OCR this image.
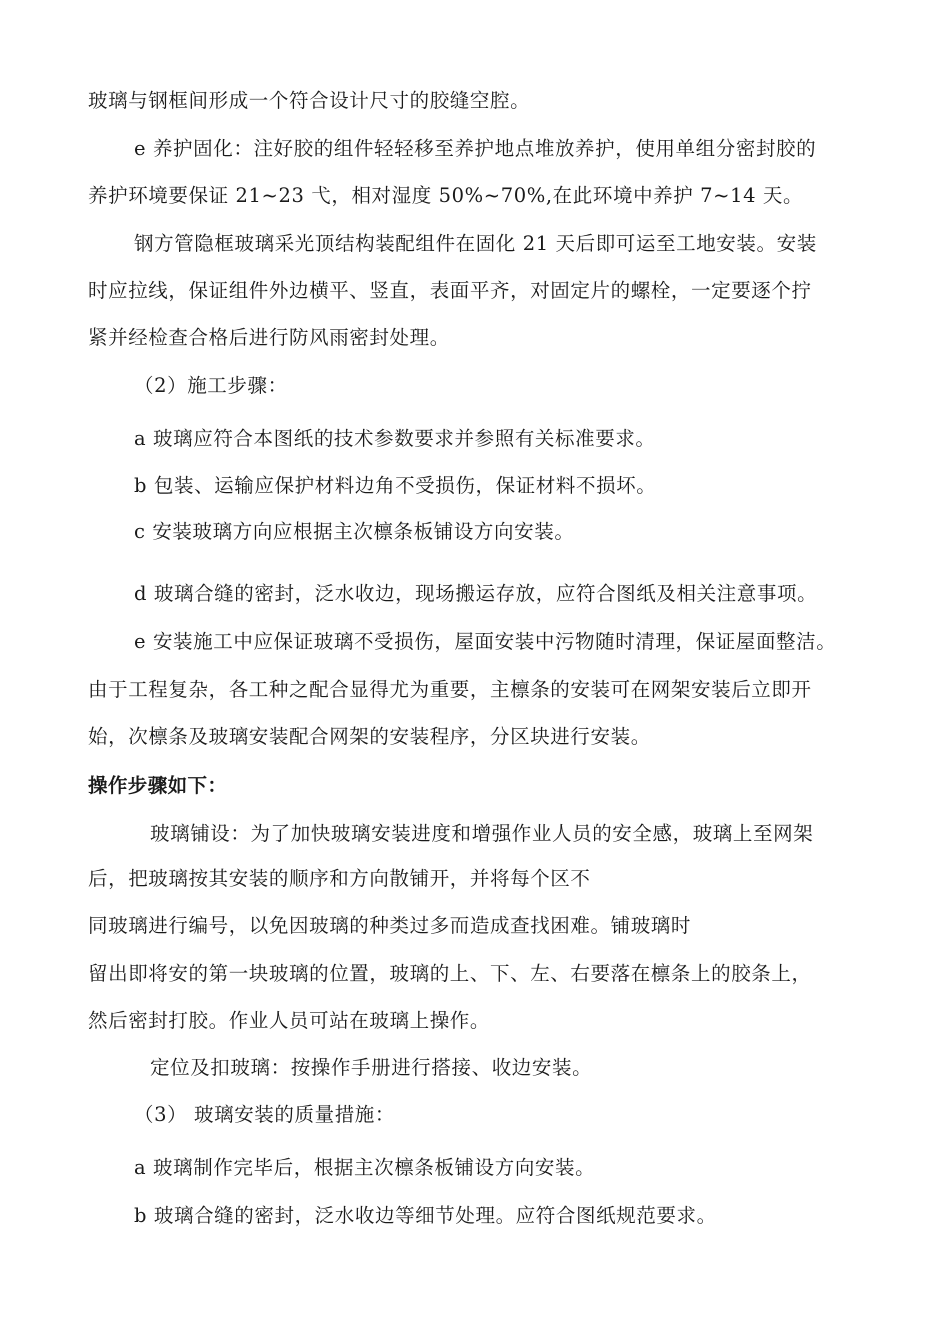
玻璃与钢框间形成一个符合设计尺寸的胶缝空腔。
e 养护固化：注好胶的组件轻轻移至养护地点堆放养护，使用单组分密封胶的
养护环境要保证 21~23 弋，相对湿度 50%~70%,在此环境中养护 7~14 天。
钢方管隐框玻璃采光顶结构装配组件在固化 21 天后即可运至工地安装。安装
时应拉线，保证组件外边横平、竖直，表面平齐，对固定片的螺栓，一定要逐个拧
紧并经检查合格后进行防风雨密封处理。
（2）施工步骤：
a 玻璃应符合本图纸的技术参数要求并参照有关标准要求。
b 包装、运输应保护材料边角不受损伤，保证材料不损坏。
c 安装玻璃方向应根据主次檩条板铺设方向安装。
d 玻璃合缝的密封，泛水收边，现场搬运存放，应符合图纸及相关注意事项。
e 安装施工中应保证玻璃不受损伤，屋面安装中污物随时清理，保证屋面整洁。
由于工程复杂，各工种之配合显得尤为重要，主檩条的安装可在网架安装后立即开
始，次檩条及玻璃安装配合网架的安装程序，分区块进行安装。
操作步骤如下：
玻璃铺设：为了加快玻璃安装进度和增强作业人员的安全感，玻璃上至网架
后，把玻璃按其安装的顺序和方向散铺开，并将每个区不
同玻璃进行编号，以免因玻璃的种类过多而造成查找困难。铺玻璃时
留出即将安的第一块玻璃的位置，玻璃的上、下、左、右要落在檩条上的胶条上，
然后密封打胶。作业人员可站在玻璃上操作。
定位及扣玻璃：按操作手册进行搭接、收边安装。
（3） 玻璃安装的质量措施：
a 玻璃制作完毕后，根据主次檩条板铺设方向安装。
b 玻璃合缝的密封，泛水收边等细节处理。应符合图纸规范要求。
